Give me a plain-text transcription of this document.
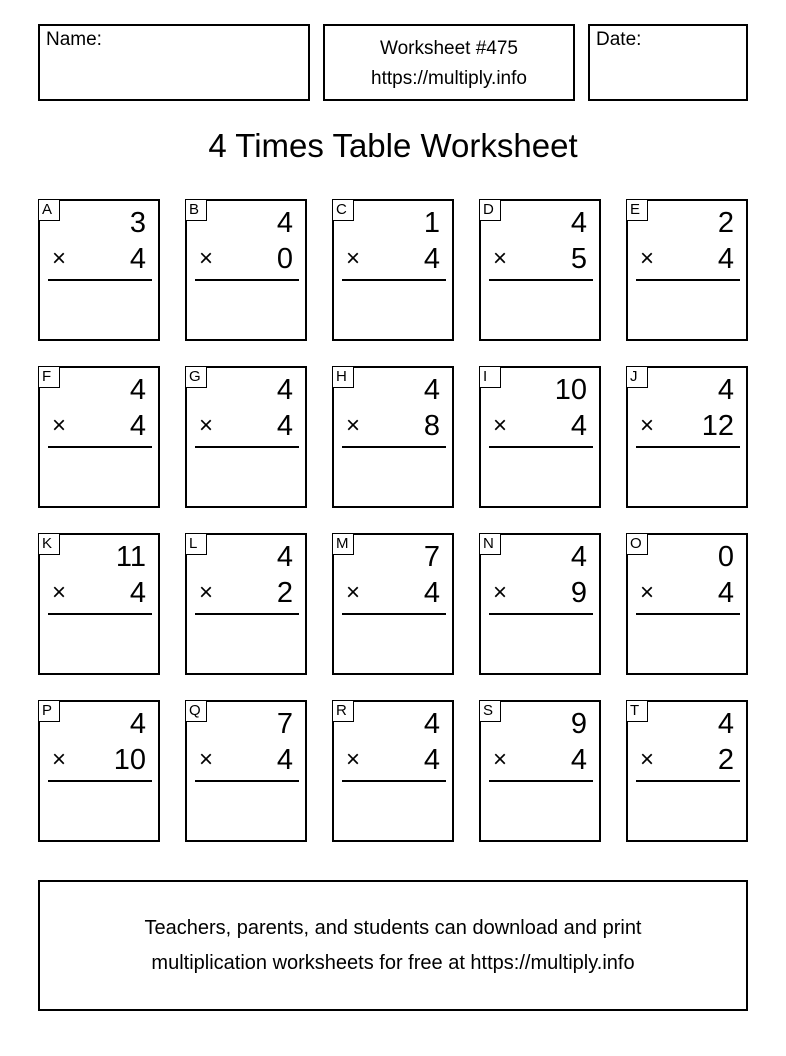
Name:	Worksheet #475
https://multiply.info
Date:
4 Times Table Worksheet
A	3
× 4
B	4
× 0
C	1
× 4
D	4
× 5
E	2
× 4
F	4
× 4
G	4
× 4
H	4
× 8
I	10
× 4
J	4
× 12
K 11
× 4
L	4
× 2
M	7
× 4
N	4
× 9
O	0
× 4
P	4
× 10
Q	7
× 4
R	4
× 4
S	9
× 4
T	4
× 2
Teachers, parents, and students can download and print
multiplication worksheets for free at https://multiply.info
